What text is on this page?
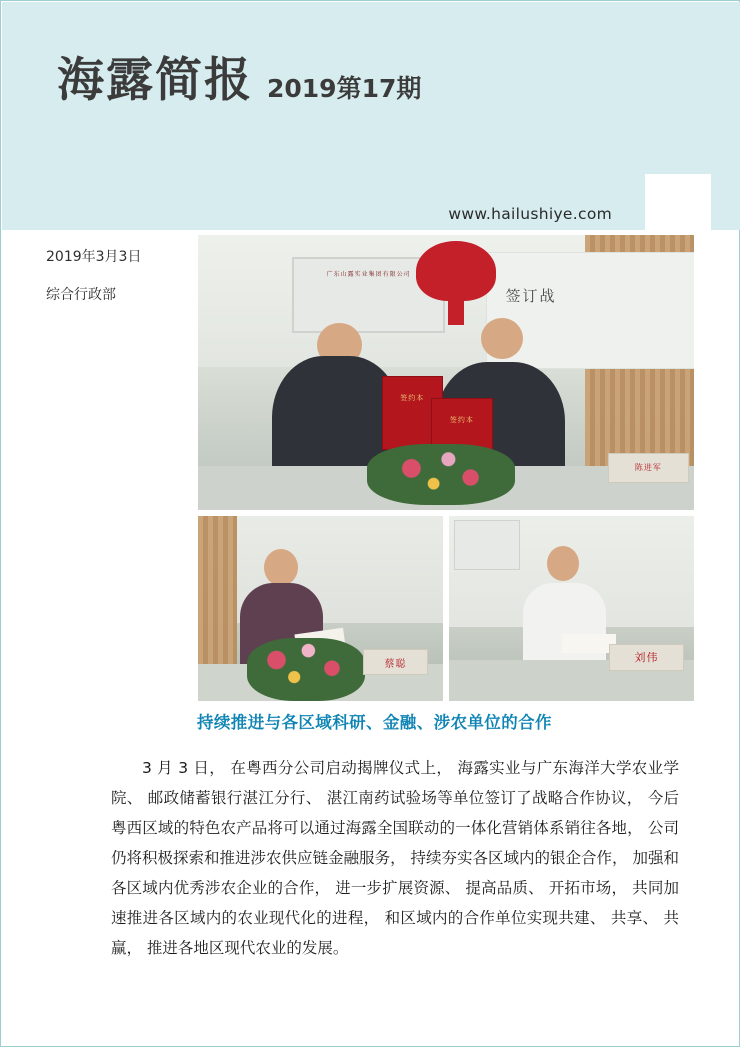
海露简报 2019第17期
www.hailushiye.com
2019年3月3日
综合行政部	签订战
广东山露实业集团有限公司
签约本
签约本
陈进军
蔡聪	刘伟
持续推进与各区域科研、金融、涉农单位的合作

3 月 3 日， 在粤西分公司启动揭牌仪式上， 海露实业与广东海洋大学农业学院、 邮政储蓄银行湛江分行、 湛江南药试验场等单位签订了战略合作协议， 今后粤西区域的特色农产品将可以通过海露全国联动的一体化营销体系销往各地， 公司仍将积极探索和推进涉农供应链金融服务， 持续夯实各区域内的银企合作， 加强和各区域内优秀涉农企业的合作， 进一步扩展资源、 提高品质、 开拓市场， 共同加速推进各区域内的农业现代化的进程， 和区域内的合作单位实现共建、 共享、 共赢， 推进各地区现代农业的发展。
